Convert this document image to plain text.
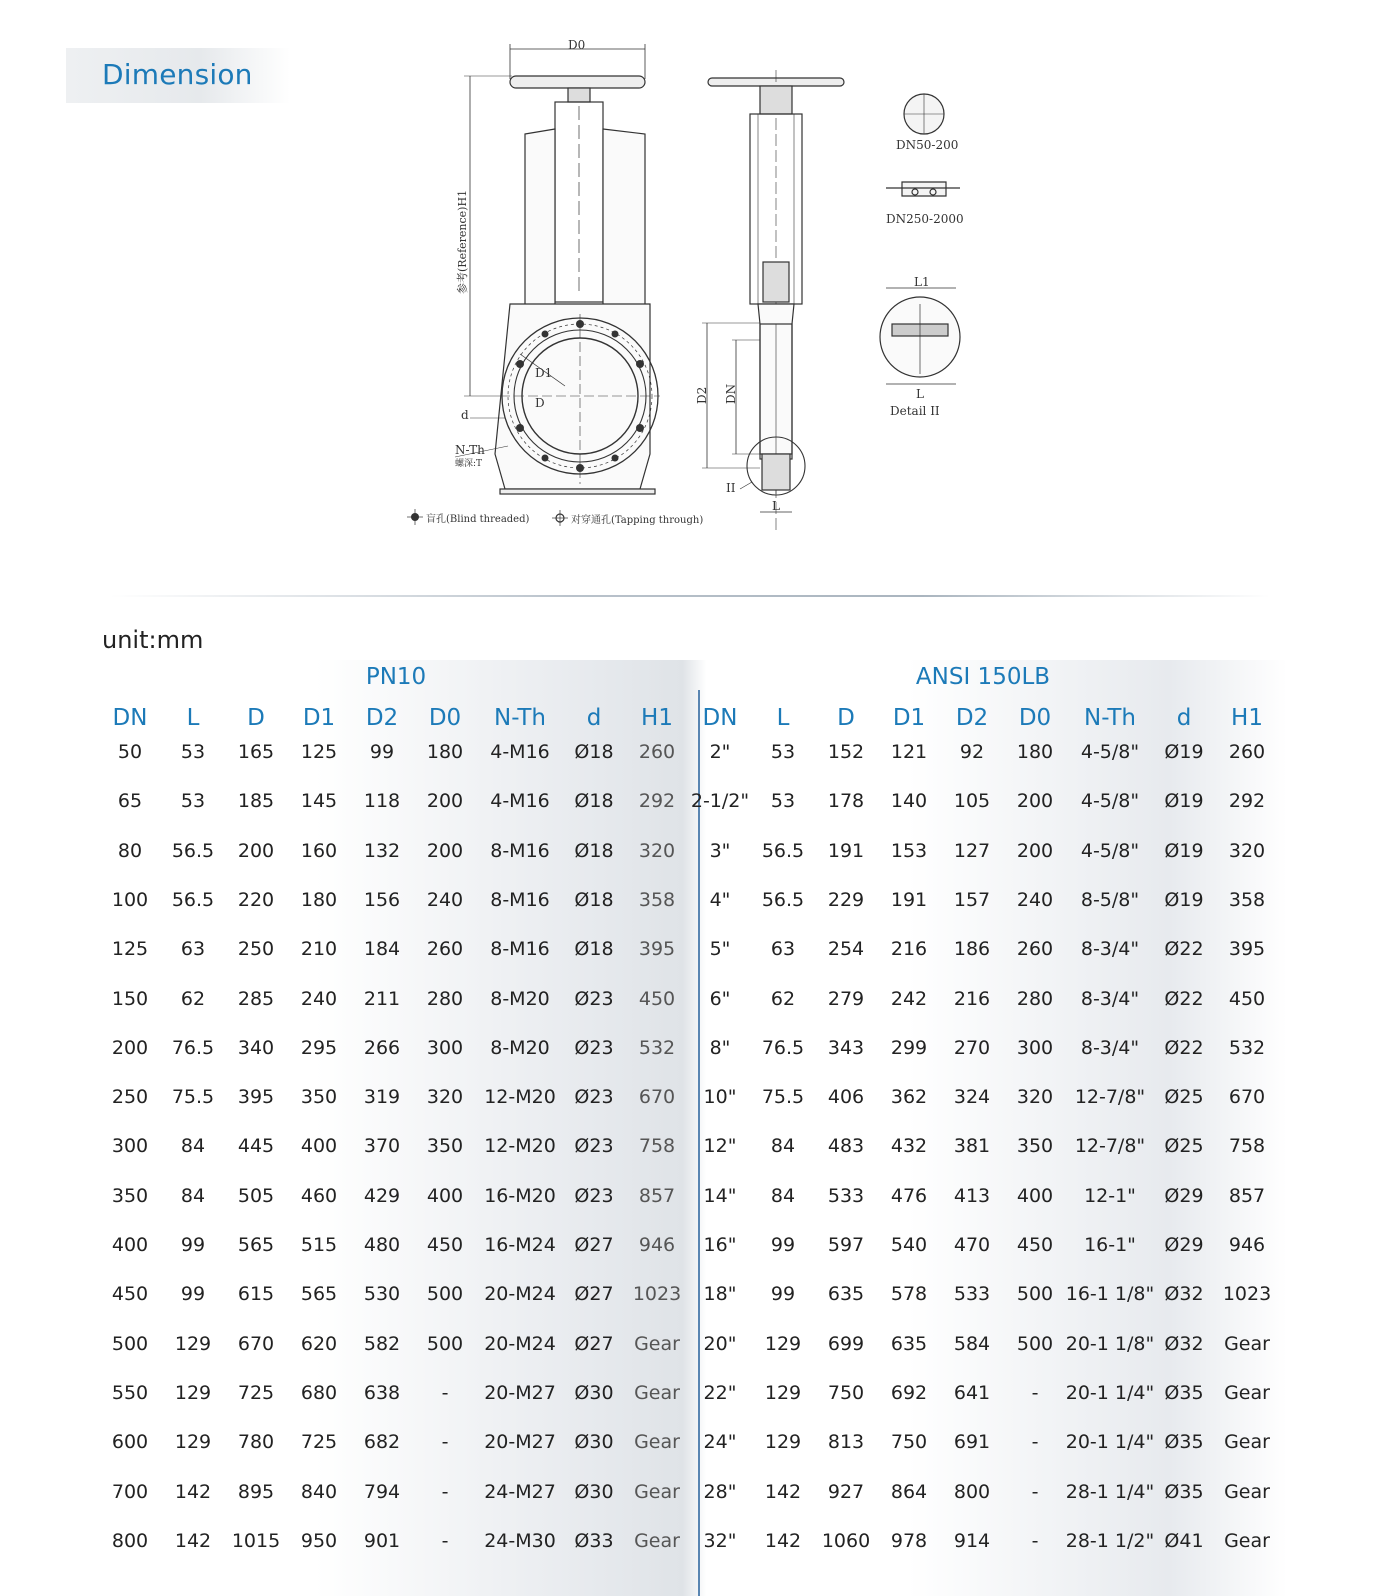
Dimension
D0
参考(Reference)H1
D1
D
d
N-Th
螺深:T
D2 DN
II
L
DN50-200
DN250-2000
L1
L
Detail II
盲孔(Blind threaded)	对穿通孔(Tapping through)
unit:mm
PN10	ANSI 150LB
DN	L	D	D1	D2	D0	N-Th	d	H1	DN	L	D	D1	D2	D0	N-Th	d	H1
50	53	165	125	99	180	4-M16	Ø18	260	2"	53	152	121	92	180	4-5/8"	Ø19	260
65	53	185	145	118	200	4-M16	Ø18	292 2-1/2"	53	178	140	105	200	4-5/8"	Ø19	292
80	56.5	200	160	132	200	8-M16	Ø18	320	3"	56.5	191	153	127	200	4-5/8"	Ø19	320
100	56.5	220	180	156	240	8-M16	Ø18	358	4"	56.5	229	191	157	240	8-5/8"	Ø19	358
125	63	250	210	184	260	8-M16	Ø18	395	5"	63	254	216	186	260	8-3/4"	Ø22	395
150	62	285	240	211	280	8-M20	Ø23	450	6"	62	279	242	216	280	8-3/4"	Ø22	450
200	76.5	340	295	266	300	8-M20	Ø23	532	8"	76.5	343	299	270	300	8-3/4"	Ø22	532
250	75.5	395	350	319	320	12-M20 Ø23	670	10"	75.5	406	362	324	320	12-7/8"	Ø25	670
300	84	445	400	370	350	12-M20 Ø23	758	12"	84	483	432	381	350	12-7/8"	Ø25	758
350	84	505	460	429	400	16-M20 Ø23	857	14"	84	533	476	413	400	12-1"	Ø29	857
400	99	565	515	480	450	16-M24 Ø27	946	16"	99	597	540	470	450	16-1"	Ø29	946
450	99	615	565	530	500	20-M24 Ø27	1023	18"	99	635	578	533	500 16-1 1/8" Ø32	1023
500	129	670	620	582	500	20-M24 Ø27	Gear	20"	129	699	635	584	500 20-1 1/8" Ø32	Gear
550	129	725	680	638	-	20-M27 Ø30	Gear	22"	129	750	692	641	-	20-1 1/4" Ø35	Gear
600	129	780	725	682	-	20-M27 Ø30	Gear	24"	129	813	750	691	-	20-1 1/4" Ø35	Gear
700	142	895	840	794	-	24-M27 Ø30	Gear	28"	142	927	864	800	-	28-1 1/4" Ø35	Gear
800	142	1015	950	901	-	24-M30 Ø33	Gear	32"	142	1060	978	914	-	28-1 1/2" Ø41	Gear
